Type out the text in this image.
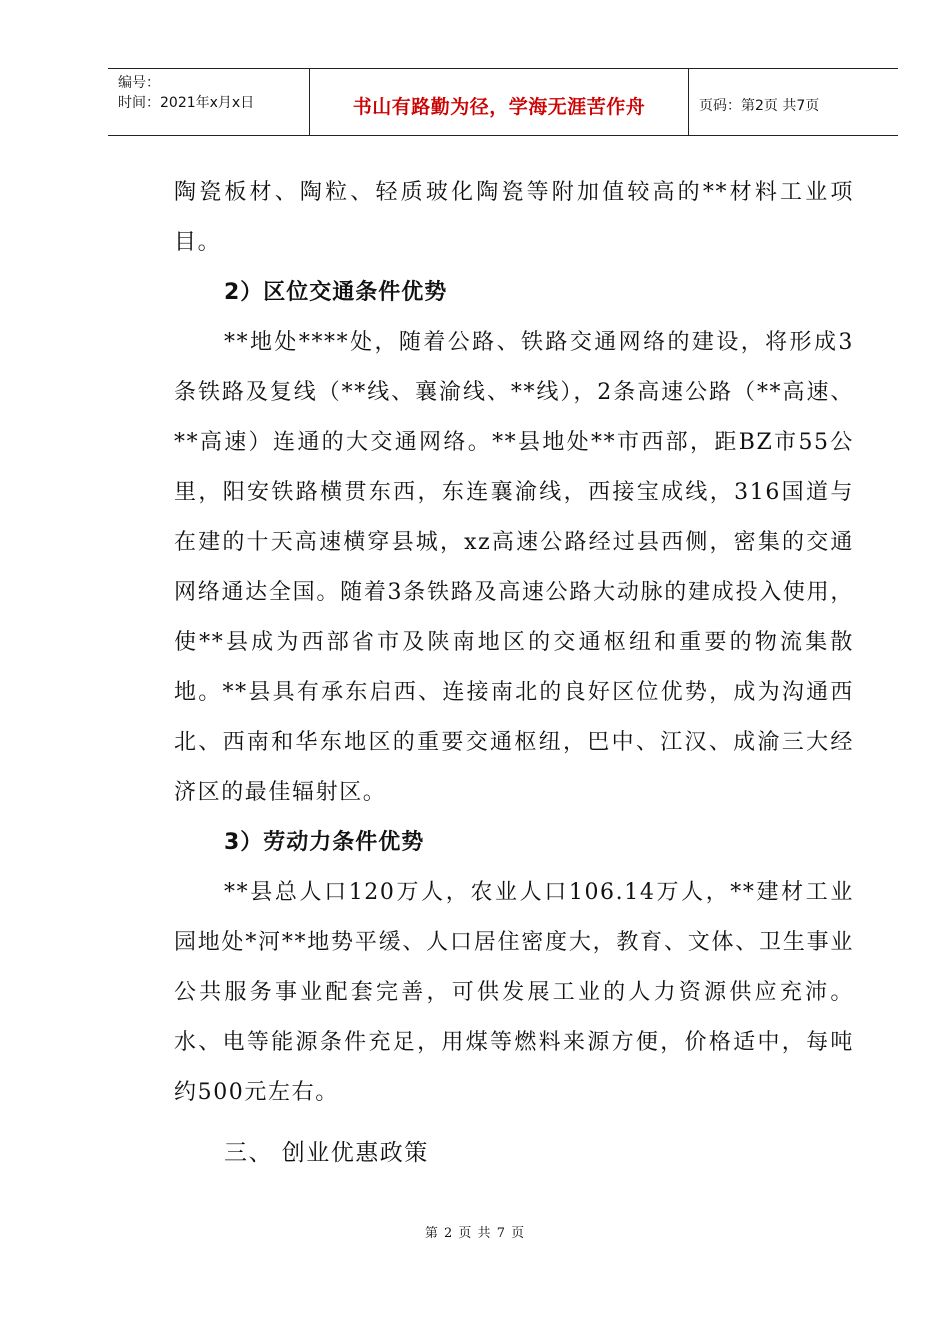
编号：
时间：2021年x月x日	书山有路勤为径，学海无涯苦作舟	页码：第2页 共7页

陶瓷板材、陶粒、轻质玻化陶瓷等附加值较高的**材料工业项目。

2）区位交通条件优势

**地处****处，随着公路、铁路交通网络的建设，将形成3条铁路及复线（**线、襄渝线、**线），2条高速公路（**高速、**高速）连通的大交通网络。**县地处**市西部，距BZ市55公里，阳安铁路横贯东西，东连襄渝线，西接宝成线，316国道与在建的十天高速横穿县城，xz高速公路经过县西侧，密集的交通网络通达全国。随着3条铁路及高速公路大动脉的建成投入使用，使**县成为西部省市及陕南地区的交通枢纽和重要的物流集散地。**县具有承东启西、连接南北的良好区位优势，成为沟通西北、西南和华东地区的重要交通枢纽，巴中、江汉、成渝三大经济区的最佳辐射区。

3）劳动力条件优势

**县总人口120万人，农业人口106.14万人，**建材工业园地处*河**地势平缓、人口居住密度大，教育、文体、卫生事业公共服务事业配套完善，可供发展工业的人力资源供应充沛。水、电等能源条件充足，用煤等燃料来源方便，价格适中，每吨约500元左右。

三、 创业优惠政策

第 2 页 共 7 页
